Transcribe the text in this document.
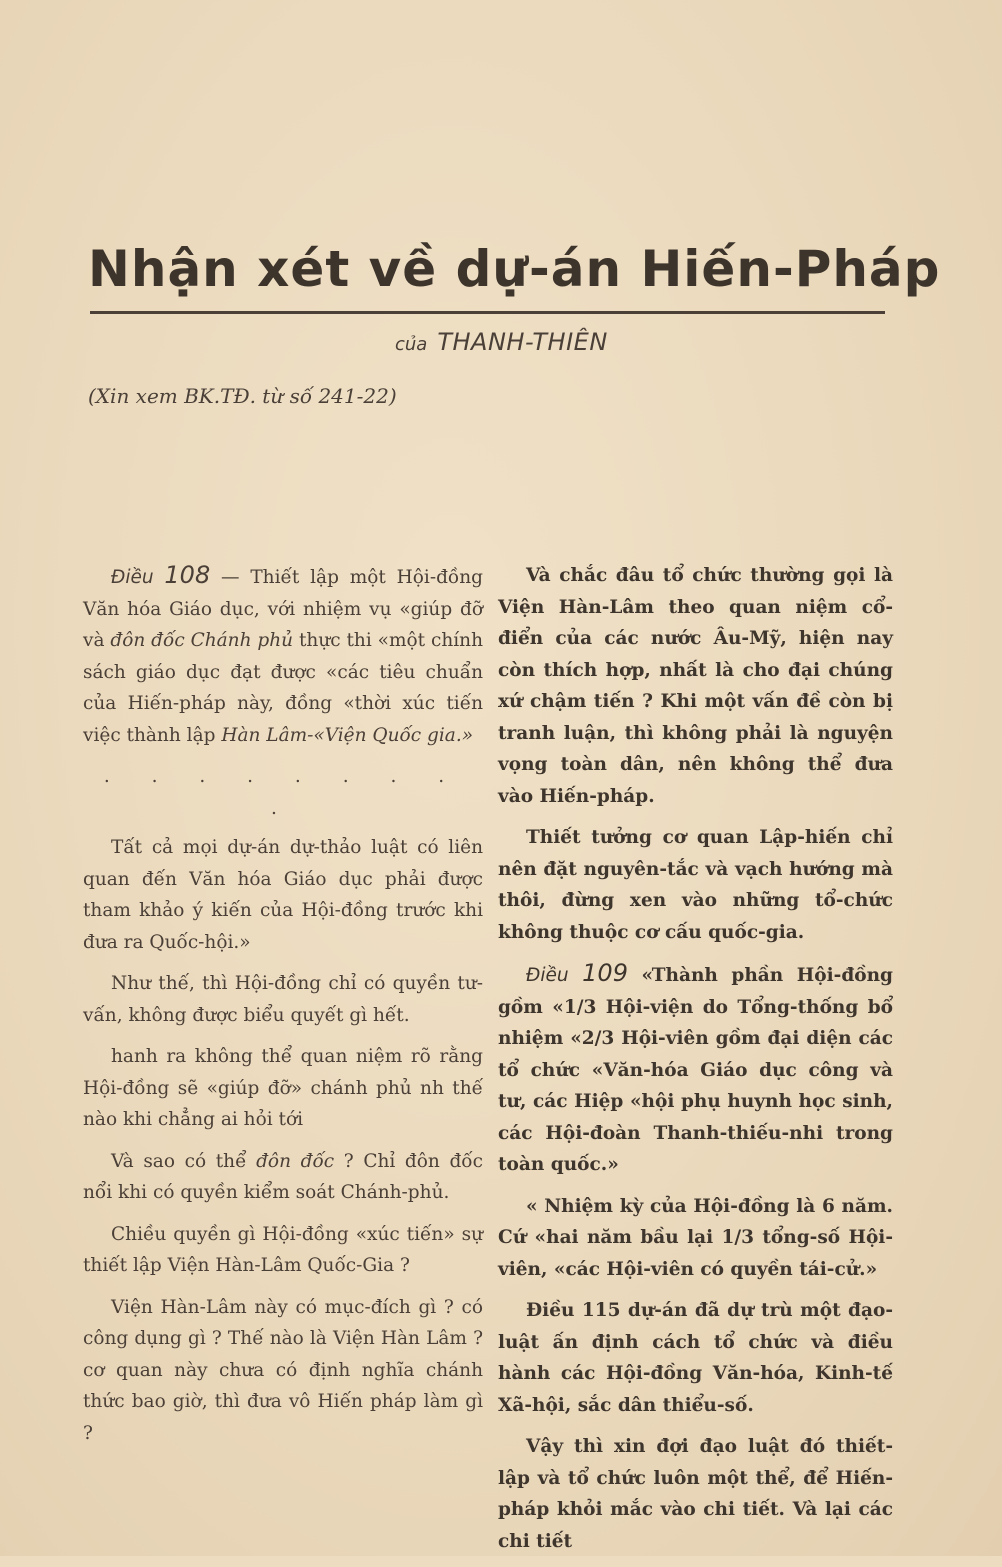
Nhận xét về dự-án Hiến-Pháp
của THANH-THIÊN
(Xin xem BK.TĐ. từ số 241-22)

Điều 108 — Thiết lập một Hội-đồng Văn hóa Giáo dục, với nhiệm vụ «giúp đỡ và đôn đốc Chánh phủ thực thi «một chính sách giáo dục đạt được «các tiêu chuẩn của Hiến-pháp này, đồng «thời xúc tiến việc thành lập Hàn Lâm-«Viện Quốc gia.»

. . . . . . . . .

Tất cả mọi dự-án dự-thảo luật có liên quan đến Văn hóa Giáo dục phải được tham khảo ý kiến của Hội-đồng trước khi đưa ra Quốc-hội.»

Như thế, thì Hội-đồng chỉ có quyền tư-vấn, không được biểu quyết gì hết.

hanh ra không thể quan niệm rõ rằng Hội-đồng sẽ «giúp đỡ» chánh phủ nh thế nào khi chẳng ai hỏi tới

Và sao có thể đôn đốc ? Chỉ đôn đốc nổi khi có quyền kiểm soát Chánh-phủ.

Chiều quyền gì Hội-đồng «xúc tiến» sự thiết lập Viện Hàn-Lâm Quốc-Gia ?

Viện Hàn-Lâm này có mục-đích gì ? có công dụng gì ? Thế nào là Viện Hàn Lâm ? cơ quan này chưa có định nghĩa chánh thức bao giờ, thì đưa vô Hiến pháp làm gì ?

Và chắc đâu tổ chức thường gọi là Viện Hàn-Lâm theo quan niệm cổ-điển của các nước Âu-Mỹ, hiện nay còn thích hợp, nhất là cho đại chúng xứ chậm tiến ? Khi một vấn đề còn bị tranh luận, thì không phải là nguyện vọng toàn dân, nên không thể đưa vào Hiến-pháp.

Thiết tưởng cơ quan Lập-hiến chỉ nên đặt nguyên-tắc và vạch hướng mà thôi, đừng xen vào những tổ-chức không thuộc cơ cấu quốc-gia.

Điều 109 «Thành phần Hội-đồng gồm «1/3 Hội-viện do Tổng-thống bổ nhiệm «2/3 Hội-viên gồm đại diện các tổ chức «Văn-hóa Giáo dục công và tư, các Hiệp «hội phụ huynh học sinh, các Hội-đoàn Thanh-thiếu-nhi trong toàn quốc.»

« Nhiệm kỳ của Hội-đồng là 6 năm. Cứ «hai năm bầu lại 1/3 tổng-số Hội-viên, «các Hội-viên có quyền tái-cử.»

Điều 115 dự-án đã dự trù một đạo-luật ấn định cách tổ chức và điều hành các Hội-đồng Văn-hóa, Kinh-tế Xã-hội, sắc dân thiểu-số.

Vậy thì xin đợi đạo luật đó thiết-lập và tổ chức luôn một thể, để Hiến-pháp khỏi mắc vào chi tiết. Và lại các chi tiết
